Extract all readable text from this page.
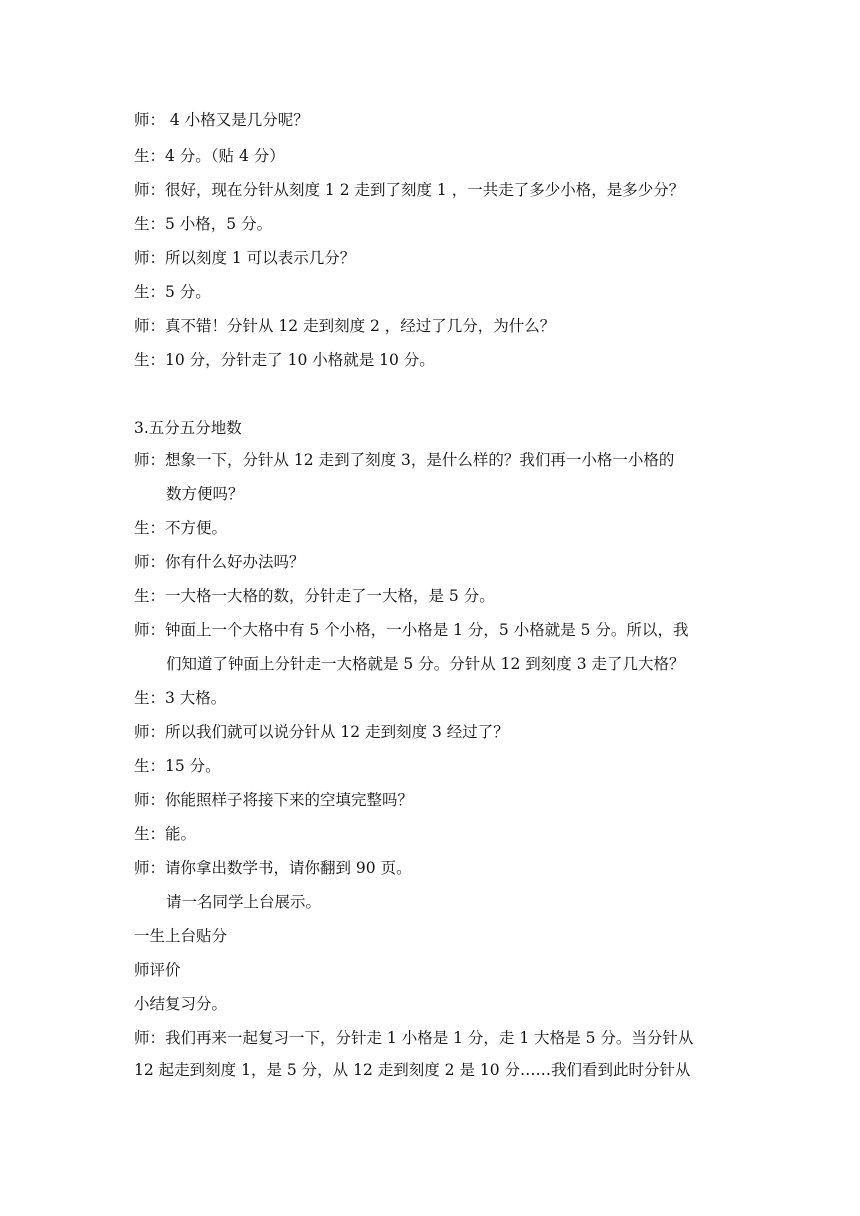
师： 4 小格又是几分呢？
生：4 分。（贴 4 分）
师：很好，现在分针从刻度 1 2 走到了刻度 1 ，一共走了多少小格，是多少分？
生：5 小格，5 分。
师：所以刻度 1 可以表示几分？
生：5 分。
师：真不错！分针从 12 走到刻度 2 ，经过了几分，为什么？
生：10 分，分针走了 10 小格就是 10 分。
3.五分五分地数
师：想象一下，分针从 12 走到了刻度 3，是什么样的？我们再一小格一小格的
数方便吗？
生：不方便。
师：你有什么好办法吗？
生：一大格一大格的数，分针走了一大格，是 5 分。
师：钟面上一个大格中有 5 个小格，一小格是 1 分，5 小格就是 5 分。所以，我
们知道了钟面上分针走一大格就是 5 分。分针从 12 到刻度 3 走了几大格？
生：3 大格。
师：所以我们就可以说分针从 12 走到刻度 3 经过了？
生：15 分。
师：你能照样子将接下来的空填完整吗？
生：能。
师：请你拿出数学书，请你翻到 90 页。
请一名同学上台展示。
一生上台贴分
师评价
小结复习分。
师：我们再来一起复习一下，分针走 1 小格是 1 分，走 1 大格是 5 分。当分针从
12 起走到刻度 1，是 5 分，从 12 走到刻度 2 是 10 分……我们看到此时分针从
